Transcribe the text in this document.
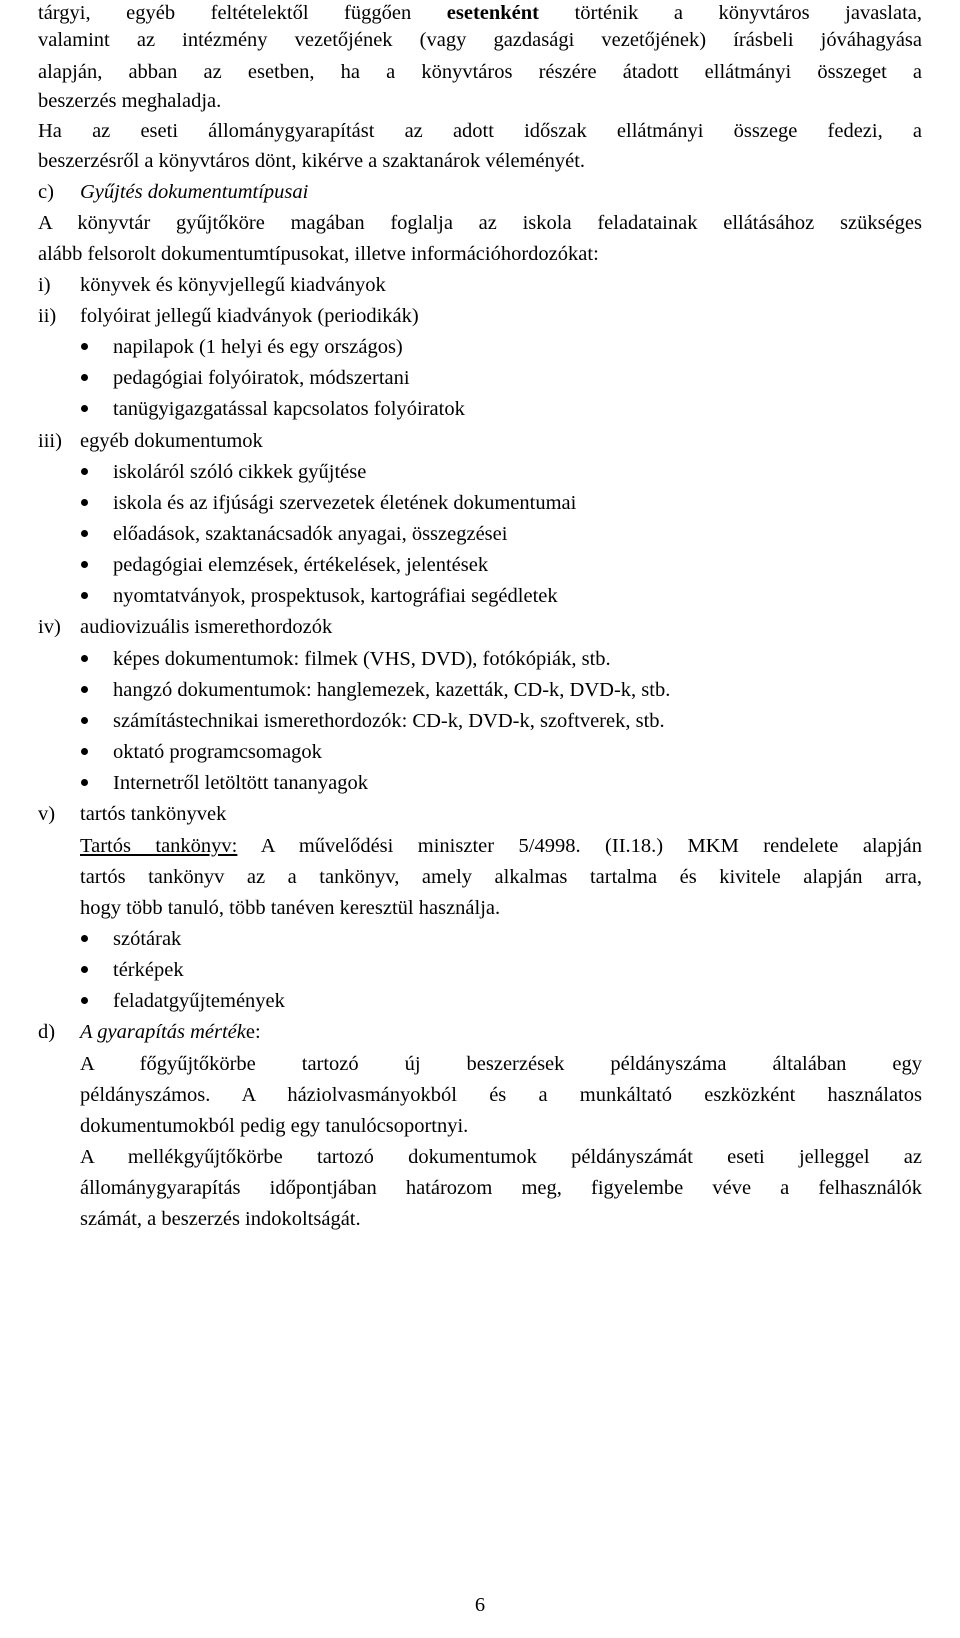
tárgyi, egyéb feltételektől függően esetenként történik a könyvtáros javaslata,
valamint az intézmény vezetőjének (vagy gazdasági vezetőjének) írásbeli jóváhagyása
alapján, abban az esetben, ha a könyvtáros részére átadott ellátmányi összeget a
beszerzés meghaladja.
Ha az eseti állománygyarapítást az adott időszak ellátmányi összege fedezi, a
beszerzésről a könyvtáros dönt, kikérve a szaktanárok véleményét.
c) Gyűjtés dokumentumtípusai
A könyvtár gyűjtőköre magában foglalja az iskola feladatainak ellátásához szükséges
alább felsorolt dokumentumtípusokat, illetve információhordozókat:
i) könyvek és könyvjellegű kiadványok
ii) folyóirat jellegű kiadványok (periodikák)
napilapok (1 helyi és egy országos)
pedagógiai folyóiratok, módszertani
tanügyigazgatással kapcsolatos folyóiratok
iii) egyéb dokumentumok
iskoláról szóló cikkek gyűjtése
iskola és az ifjúsági szervezetek életének dokumentumai
előadások, szaktanácsadók anyagai, összegzései
pedagógiai elemzések, értékelések, jelentések
nyomtatványok, prospektusok, kartográfiai segédletek
iv) audiovizuális ismerethordozók
képes dokumentumok: filmek (VHS, DVD), fotókópiák, stb.
hangzó dokumentumok: hanglemezek, kazetták, CD-k, DVD-k, stb.
számítástechnikai ismerethordozók: CD-k, DVD-k, szoftverek, stb.
oktató programcsomagok
Internetről letöltött tananyagok
v) tartós tankönyvek
Tartós tankönyv: A művelődési miniszter 5/4998. (II.18.) MKM rendelete alapján
tartós tankönyv az a tankönyv, amely alkalmas tartalma és kivitele alapján arra,
hogy több tanuló, több tanéven keresztül használja.
szótárak
térképek
feladatgyűjtemények
d) A gyarapítás mértéke:
A főgyűjtőkörbe tartozó új beszerzések példányszáma általában egy
példányszámos. A háziolvasmányokból és a munkáltató eszközként használatos
dokumentumokból pedig egy tanulócsoportnyi.
A mellékgyűjtőkörbe tartozó dokumentumok példányszámát eseti jelleggel az
állománygyarapítás időpontjában határozom meg, figyelembe véve a felhasználók
számát, a beszerzés indokoltságát.
6
